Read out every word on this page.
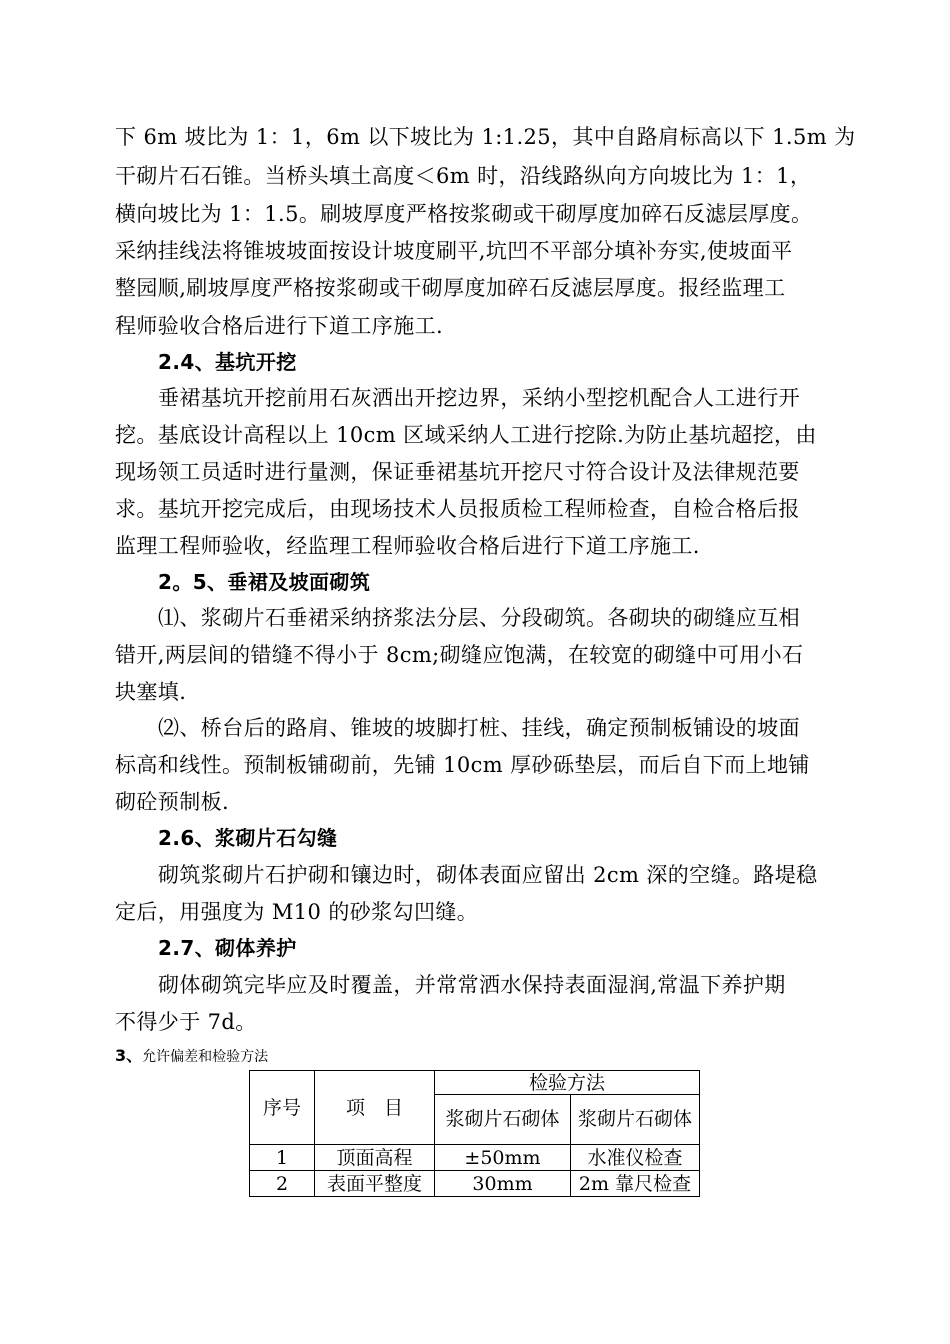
下 6m 坡比为 1：1，6m 以下坡比为 1:1.25，其中自路肩标高以下 1.5m 为
干砌片石石锥。当桥头填土高度＜6m 时，沿线路纵向方向坡比为 1：1，
横向坡比为 1：1.5。刷坡厚度严格按浆砌或干砌厚度加碎石反滤层厚度。
采纳挂线法将锥坡坡面按设计坡度刷平,坑凹不平部分填补夯实,使坡面平
整园顺,刷坡厚度严格按浆砌或干砌厚度加碎石反滤层厚度。报经监理工
程师验收合格后进行下道工序施工.
2.4、基坑开挖
垂裙基坑开挖前用石灰洒出开挖边界，采纳小型挖机配合人工进行开
挖。基底设计高程以上 10cm 区域采纳人工进行挖除.为防止基坑超挖，由
现场领工员适时进行量测，保证垂裙基坑开挖尺寸符合设计及法律规范要
求。基坑开挖完成后，由现场技术人员报质检工程师检查，自检合格后报
监理工程师验收，经监理工程师验收合格后进行下道工序施工.
2。5、垂裙及坡面砌筑
⑴、浆砌片石垂裙采纳挤浆法分层、分段砌筑。各砌块的砌缝应互相
错开,两层间的错缝不得小于 8cm;砌缝应饱满，在较宽的砌缝中可用小石
块塞填.
⑵、桥台后的路肩、锥坡的坡脚打桩、挂线，确定预制板铺设的坡面
标高和线性。预制板铺砌前，先铺 10cm 厚砂砾垫层，而后自下而上地铺
砌砼预制板.
2.6、浆砌片石勾缝
砌筑浆砌片石护砌和镶边时，砌体表面应留出 2cm 深的空缝。路堤稳
定后，用强度为 M10 的砂浆勾凹缝。
2.7、砌体养护
砌体砌筑完毕应及时覆盖，并常常洒水保持表面湿润,常温下养护期
不得少于 7d。
3、允许偏差和检验方法
序号	项　目	检验方法	
		浆砌片石砌体	浆砌片石砌体
1	顶面高程	±50mm	水准仪检查
2	表面平整度	30mm	2m 靠尺检查
